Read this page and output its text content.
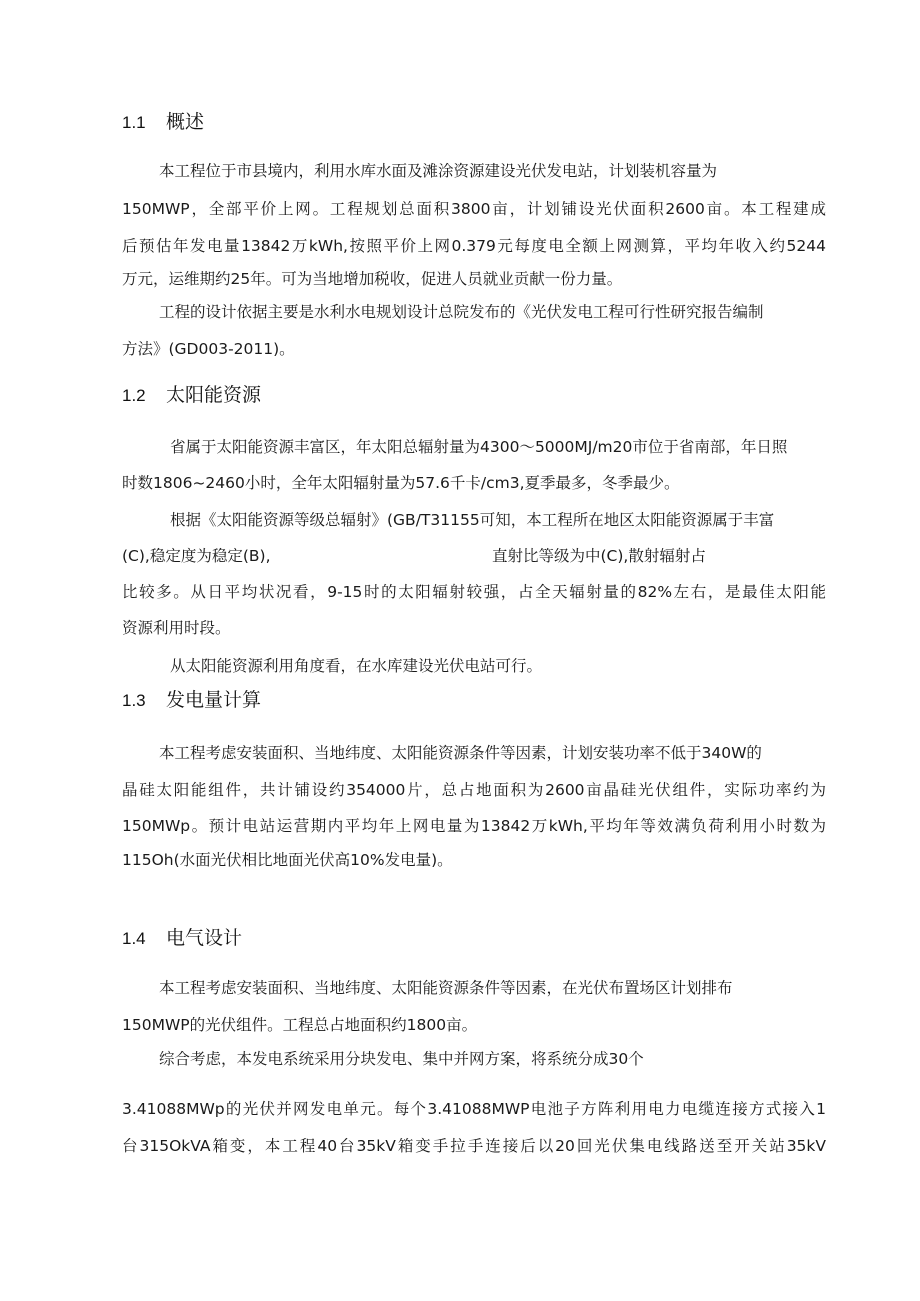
1.1 概述
本工程位于市县境内，利用水库水面及滩涂资源建设光伏发电站，计划装机容量为
150MWP，全部平价上网。工程规划总面积3800亩，计划铺设光伏面积2600亩。本工程建成
后预估年发电量13842万kWh,按照平价上网0.379元每度电全额上网测算，平均年收入约5244
万元，运维期约25年。可为当地增加税收，促进人员就业贡献一份力量。
工程的设计依据主要是水利水电规划设计总院发布的《光伏发电工程可行性研究报告编制
方法》(GD003-2011)。
1.2 太阳能资源
省属于太阳能资源丰富区，年太阳总辐射量为4300～5000MJ∕m20市位于省南部，年日照
时数1806~2460小时，全年太阳辐射量为57.6千卡/cm3,夏季最多，冬季最少。
根据《太阳能资源等级总辐射》(GB/T31155可知，本工程所在地区太阳能资源属于丰富
(C),稳定度为稳定(B),	直射比等级为中(C),散射辐射占
比较多。从日平均状况看，9-15时的太阳辐射较强，占全天辐射量的82%左右，是最佳太阳能
资源利用时段。
从太阳能资源利用角度看，在水库建设光伏电站可行。
1.3 发电量计算
本工程考虑安装面积、当地纬度、太阳能资源条件等因素，计划安装功率不低于340W的
晶硅太阳能组件，共计铺设约354000片，总占地面积为2600亩晶硅光伏组件，实际功率约为
150MWp。预计电站运营期内平均年上网电量为13842万kWh,平均年等效满负荷利用小时数为
115Oh(水面光伏相比地面光伏高10%发电量)。
1.4 电气设计
本工程考虑安装面积、当地纬度、太阳能资源条件等因素，在光伏布置场区计划排布
150MWP的光伏组件。工程总占地面积约1800亩。
综合考虑，本发电系统采用分块发电、集中并网方案，将系统分成30个
3.41088MWp的光伏并网发电单元。每个3.41088MWP电池子方阵利用电力电缆连接方式接入1
台315OkVA箱变，本工程40台35kV箱变手拉手连接后以20回光伏集电线路送至开关站35kV
